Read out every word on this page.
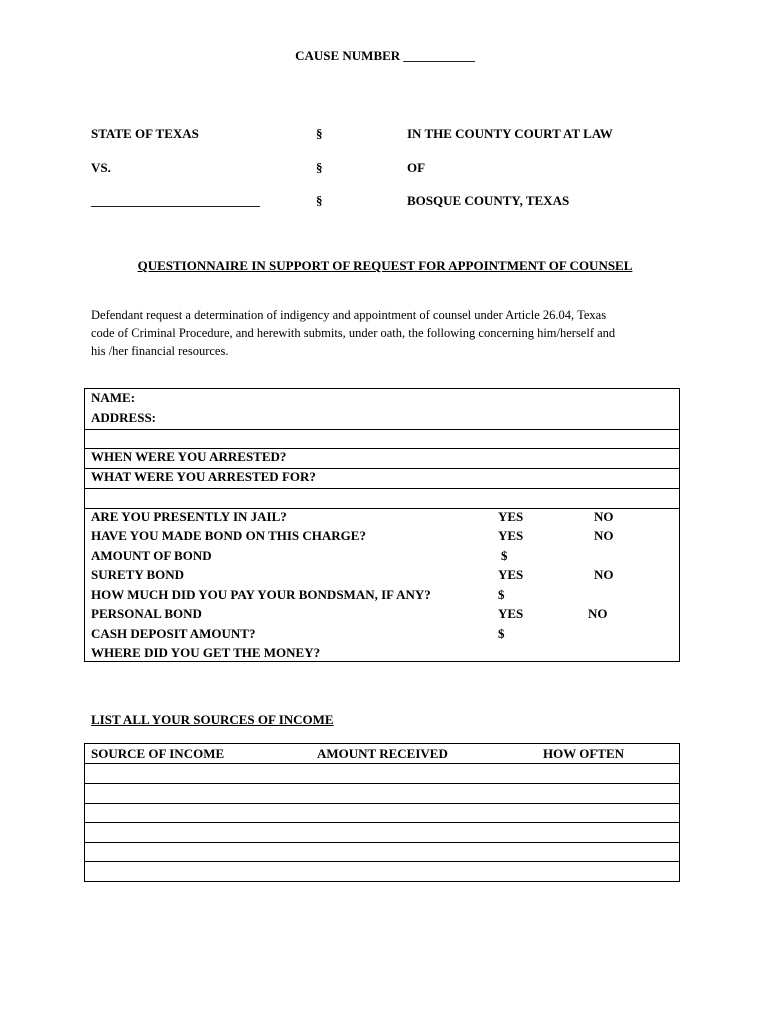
CAUSE NUMBER ___________
STATE OF TEXAS	§	IN THE COUNTY COURT AT LAW
VS.	§	OF
__________________________	§	BOSQUE COUNTY, TEXAS
QUESTIONNAIRE IN SUPPORT OF REQUEST FOR APPOINTMENT OF COUNSEL
Defendant request a determination of indigency and appointment of counsel under Article 26.04, Texas
code of Criminal Procedure, and herewith submits, under oath, the following concerning him/herself and
his /her financial resources.
NAME:
ADDRESS:
WHEN WERE YOU ARRESTED?
WHAT WERE YOU ARRESTED FOR?
ARE YOU PRESENTLY IN JAIL?	YES	NO
HAVE YOU MADE BOND ON THIS CHARGE?	YES	NO
AMOUNT OF BOND	$
SURETY BOND	YES	NO
HOW MUCH DID YOU PAY YOUR BONDSMAN, IF ANY?	$
PERSONAL BOND	YES	NO
CASH DEPOSIT AMOUNT?	$
WHERE DID YOU GET THE MONEY?
LIST ALL YOUR SOURCES OF INCOME
SOURCE OF INCOME	AMOUNT RECEIVED	HOW OFTEN
